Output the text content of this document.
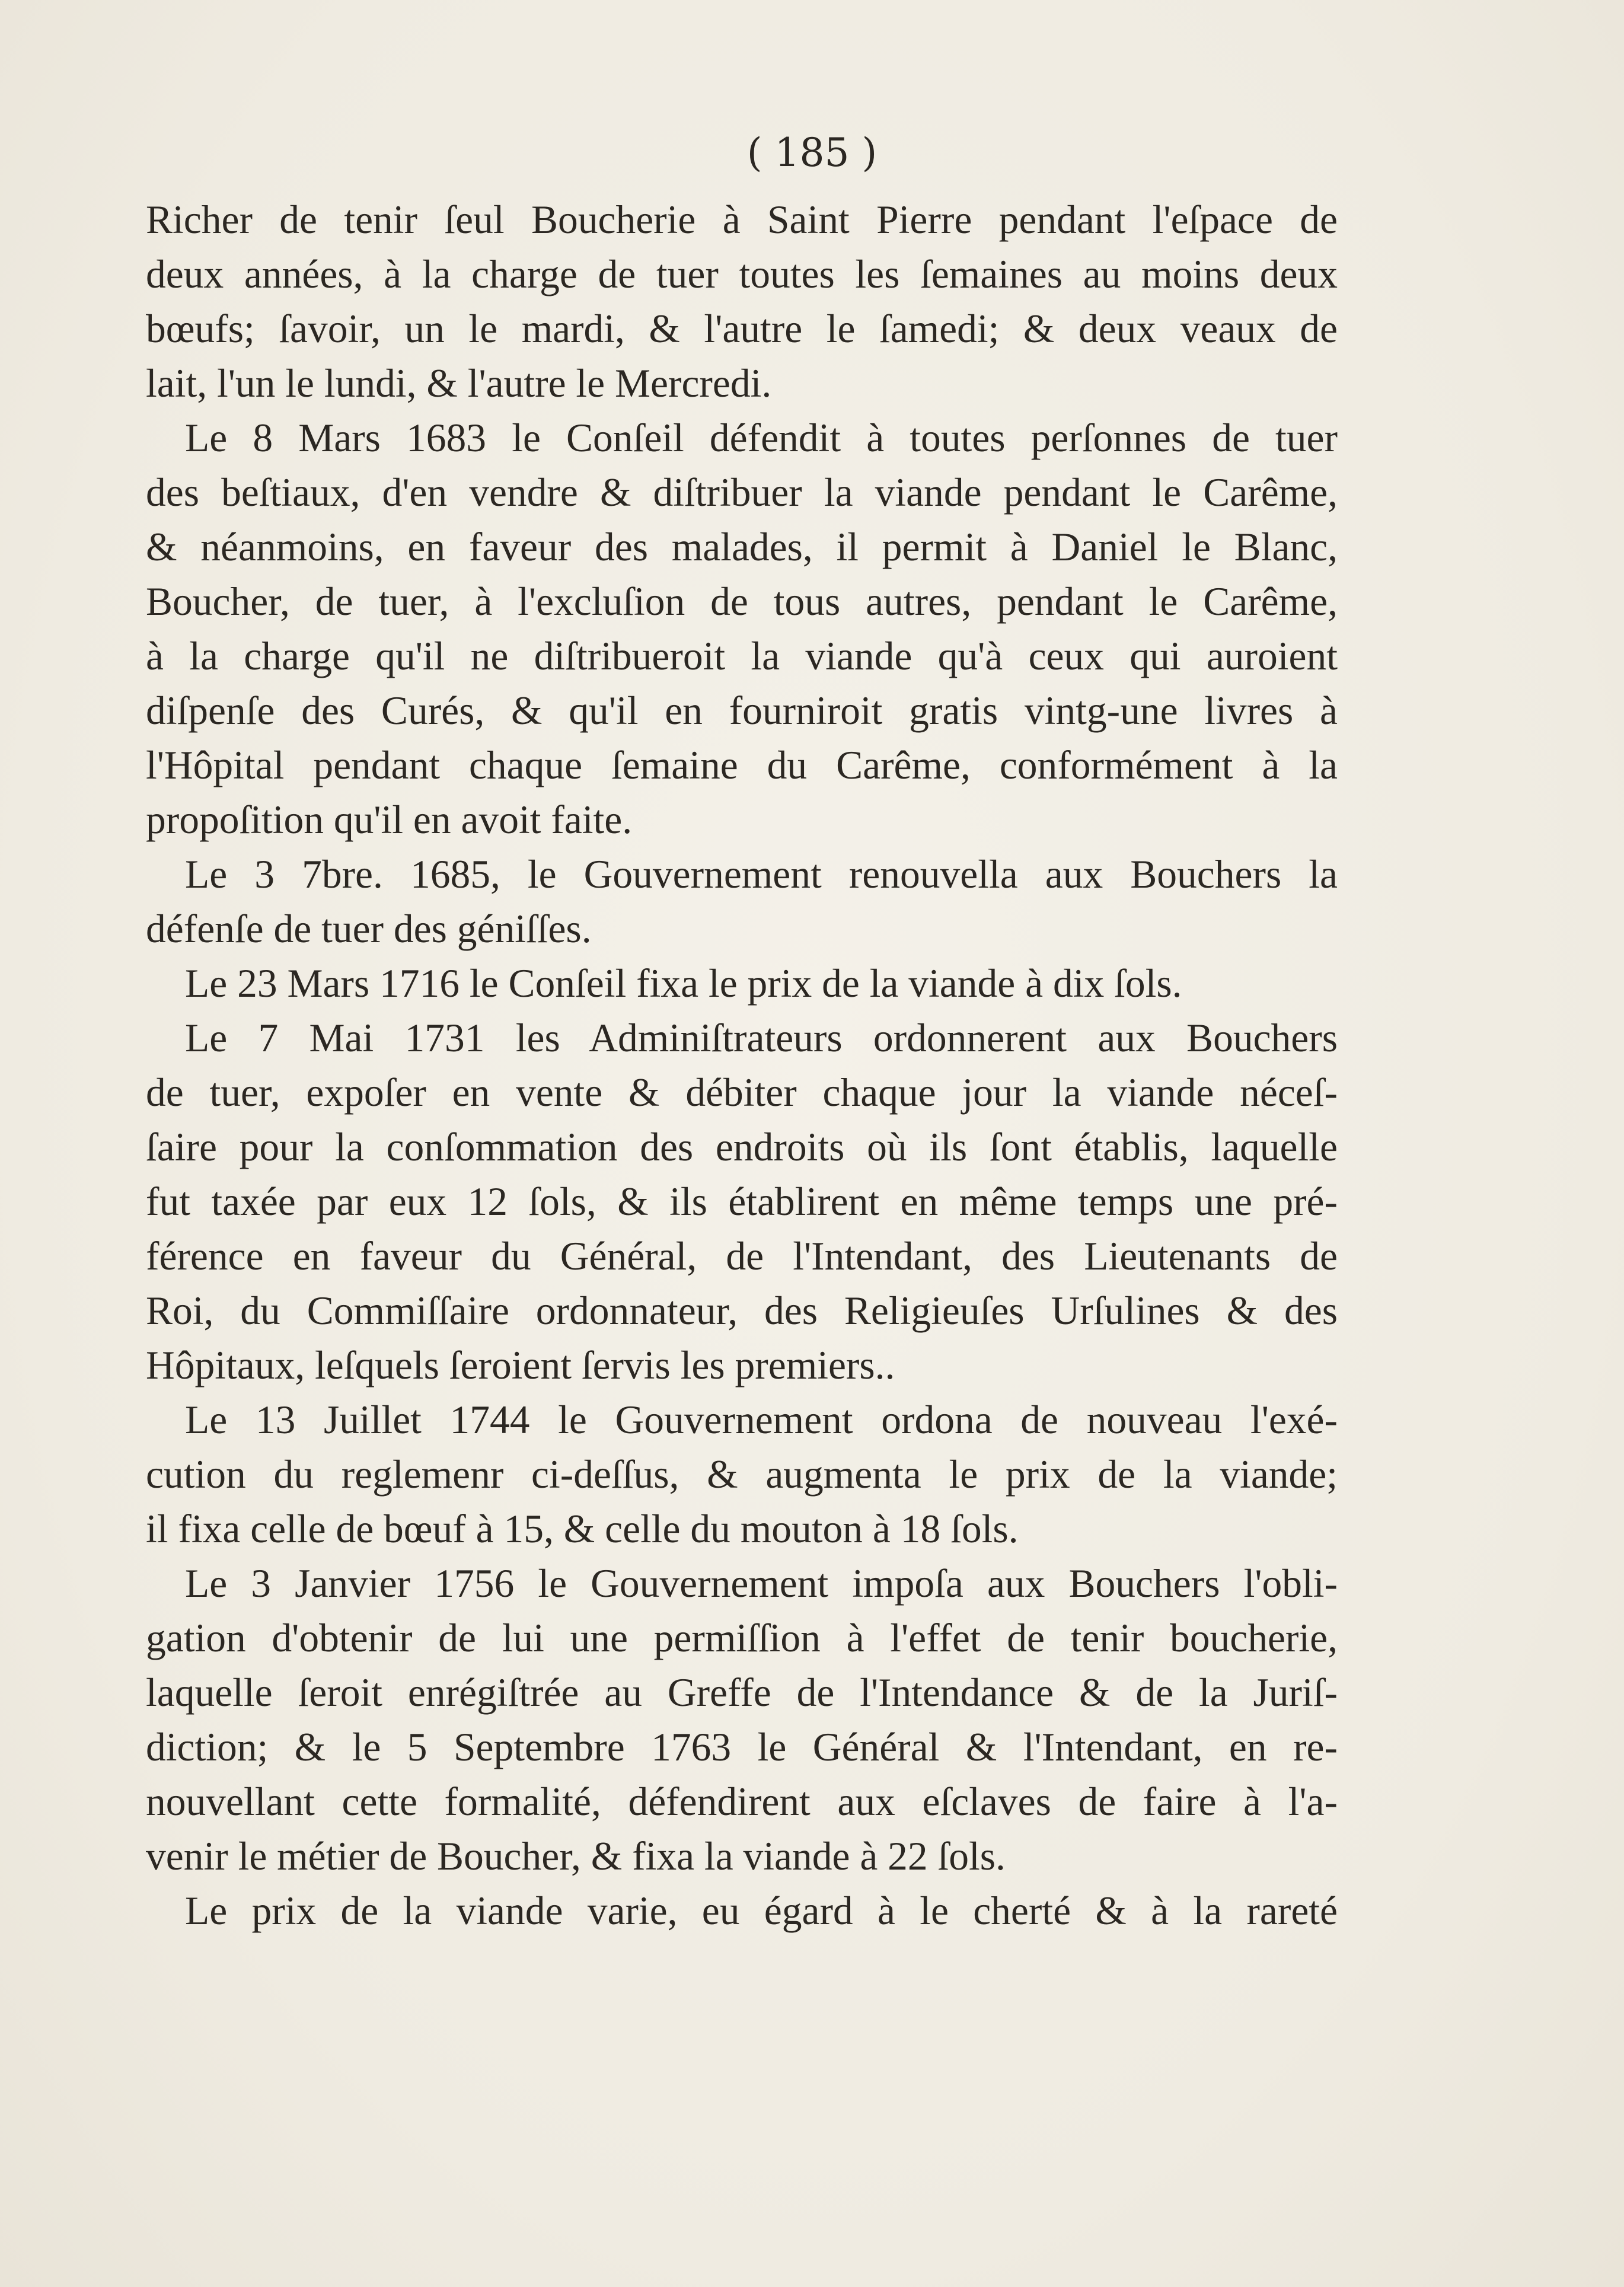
( 185 )
Richer de tenir ſeul Boucherie à Saint Pierre pendant l'eſpace de
deux années, à la charge de tuer toutes les ſemaines au moins deux
bœufs; ſavoir, un le mardi, & l'autre le ſamedi; & deux veaux de
lait, l'un le lundi, & l'autre le Mercredi.
Le 8 Mars 1683 le Conſeil défendit à toutes perſonnes de tuer
des beſtiaux, d'en vendre & diſtribuer la viande pendant le Carême,
& néanmoins, en faveur des malades, il permit à Daniel le Blanc,
Boucher, de tuer, à l'excluſion de tous autres, pendant le Carême,
à la charge qu'il ne diſtribueroit la viande qu'à ceux qui auroient
diſpenſe des Curés, & qu'il en fourniroit gratis vintg-une livres à
l'Hôpital pendant chaque ſemaine du Carême, conformément à la
propoſition qu'il en avoit faite.
Le 3 7bre. 1685, le Gouvernement renouvella aux Bouchers la
défenſe de tuer des géniſſes.
Le 23 Mars 1716 le Conſeil fixa le prix de la viande à dix ſols.
Le 7 Mai 1731 les Adminiſtrateurs ordonnerent aux Bouchers
de tuer, expoſer en vente & débiter chaque jour la viande néceſ-
ſaire pour la conſommation des endroits où ils ſont établis, laquelle
fut taxée par eux 12 ſols, & ils établirent en même temps une pré-
férence en faveur du Général, de l'Intendant, des Lieutenants de
Roi, du Commiſſaire ordonnateur, des Religieuſes Urſulines & des
Hôpitaux, leſquels ſeroient ſervis les premiers..
Le 13 Juillet 1744 le Gouvernement ordona de nouveau l'exé-
cution du reglemenr ci-deſſus, & augmenta le prix de la viande;
il fixa celle de bœuf à 15, & celle du mouton à 18 ſols.
Le 3 Janvier 1756 le Gouvernement impoſa aux Bouchers l'obli-
gation d'obtenir de lui une permiſſion à l'effet de tenir boucherie,
laquelle ſeroit enrégiſtrée au Greffe de l'Intendance & de la Juriſ-
diction; & le 5 Septembre 1763 le Général & l'Intendant, en re-
nouvellant cette formalité, défendirent aux eſclaves de faire à l'a-
venir le métier de Boucher, & fixa la viande à 22 ſols.
Le prix de la viande varie, eu égard à le cherté & à la rareté
